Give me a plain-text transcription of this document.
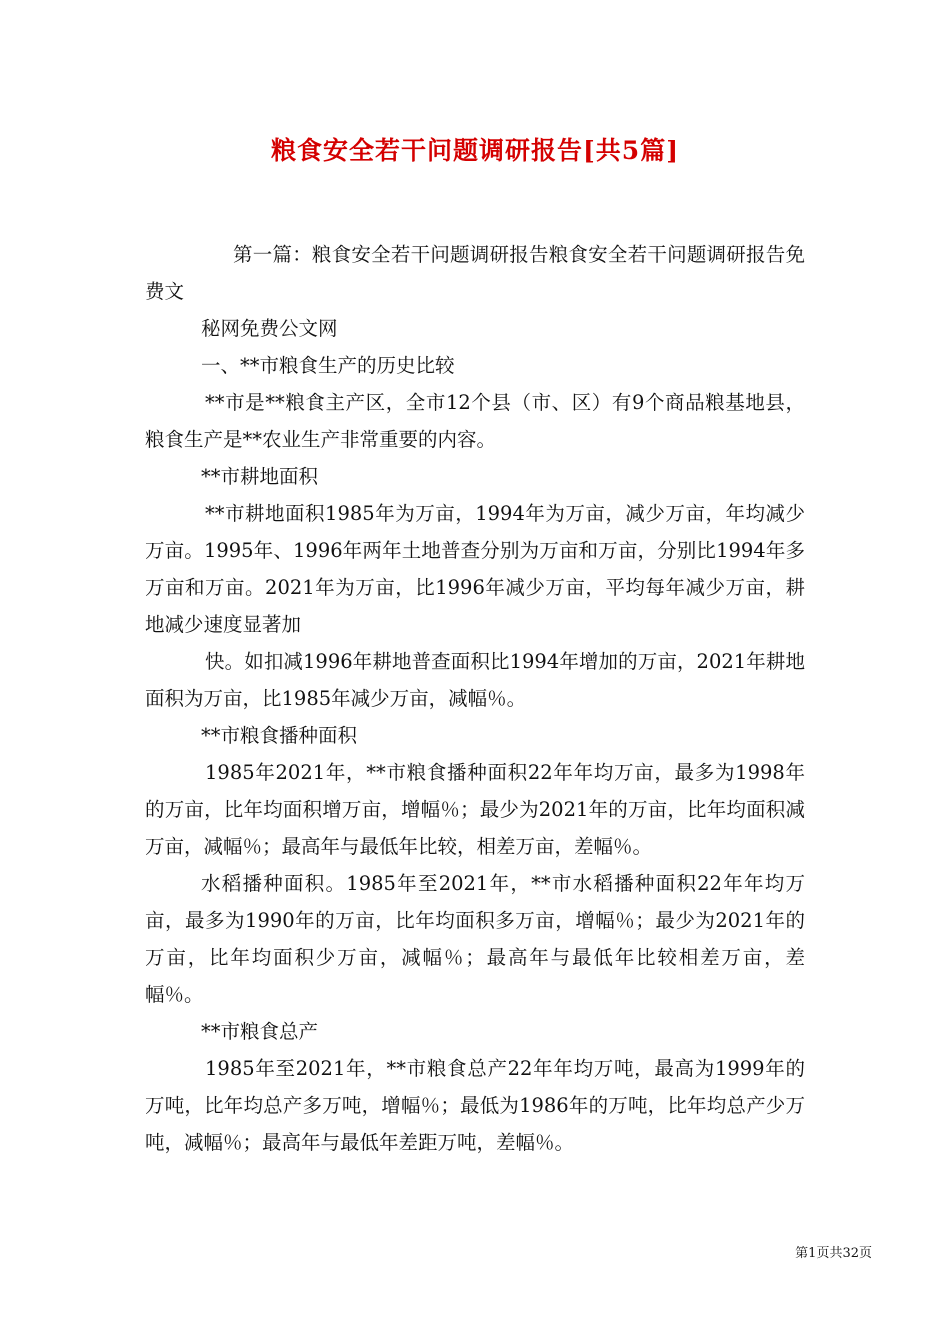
粮食安全若干问题调研报告[共5篇]

第一篇：粮食安全若干问题调研报告粮食安全若干问题调研报告免费文

秘网免费公文网

一、**市粮食生产的历史比较

**市是**粮食主产区，全市12个县（市、区）有9个商品粮基地县，粮食生产是**农业生产非常重要的内容。

**市耕地面积

**市耕地面积1985年为万亩，1994年为万亩，减少万亩，年均减少万亩。1995年、1996年两年土地普查分别为万亩和万亩，分别比1994年多万亩和万亩。2021年为万亩，比1996年减少万亩，平均每年减少万亩，耕地减少速度显著加

快。如扣减1996年耕地普查面积比1994年增加的万亩，2021年耕地面积为万亩，比1985年减少万亩，减幅％。

**市粮食播种面积

1985年2021年，**市粮食播种面积22年年均万亩，最多为1998年的万亩，比年均面积增万亩，增幅％；最少为2021年的万亩，比年均面积减万亩，减幅％；最高年与最低年比较，相差万亩，差幅％。

水稻播种面积。1985年至2021年，**市水稻播种面积22年年均万亩，最多为1990年的万亩，比年均面积多万亩，增幅％；最少为2021年的万亩，比年均面积少万亩，减幅％；最高年与最低年比较相差万亩，差幅％。

**市粮食总产

1985年至2021年，**市粮食总产22年年均万吨，最高为1999年的万吨，比年均总产多万吨，增幅％；最低为1986年的万吨，比年均总产少万吨，减幅％；最高年与最低年差距万吨，差幅％。

第1页共32页
